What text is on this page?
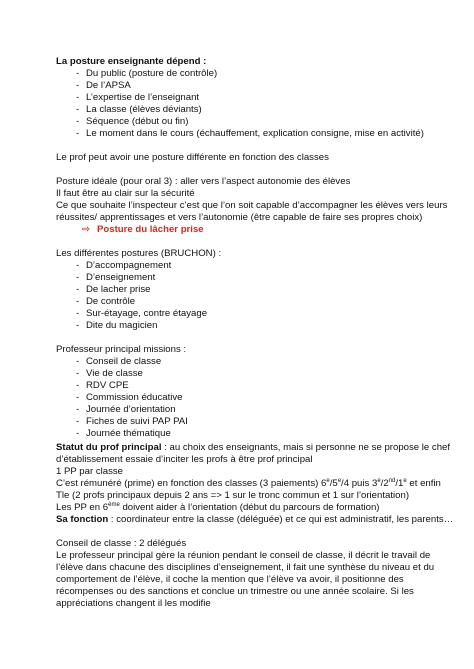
La posture enseignante dépend :
- Du public (posture de contrôle)
- De l’APSA
- L’expertise de l’enseignant
- La classe (élèves déviants)
- Séquence (début ou fin)
- Le moment dans le cours (échauffement, explication consigne, mise en activité)
Le prof peut avoir une posture différente en fonction des classes
Posture idéale (pour oral 3) : aller vers l’aspect autonomie des élèves
Il faut être au clair sur la sécurité
Ce que souhaite l’inspecteur c’est que l’on soit capable d’accompagner les élèves vers leurs
réussites/ apprentissages et vers l’autonomie (être capable de faire ses propres choix)
⇨ Posture du lâcher prise
Les différentes postures (BRUCHON) :
- D’accompagnement
- D’enseignement
- De lacher prise
- De contrôle
- Sur-étayage, contre étayage
- Dite du magicien
Professeur principal missions :
- Conseil de classe
- Vie de classe
- RDV CPE
- Commission éducative
- Journée d’orientation
- Fiches de suivi PAP PAI
- Journée thématique
Statut du prof principal : au choix des enseignants, mais si personne ne se propose le chef
d’établissement essaie d’inciter les profs à être prof principal
1 PP par classe
C’est rémunéré (prime) en fonction des classes (3 paiements) 6e/5e/4 puis 3e/2nd/1e et enfin
Tle (2 profs principaux depuis 2 ans => 1 sur le tronc commun et 1 sur l’orientation)
Les PP en 6ème doivent aider à l’orientation (début du parcours de formation)
Sa fonction : coordinateur entre la classe (déléguée) et ce qui est administratif, les parents…
Conseil de classe : 2 délégués
Le professeur principal gère la réunion pendant le conseil de classe, il décrit le travail de
l’élève dans chacune des disciplines d’enseignement, il fait une synthèse du niveau et du
comportement de l’élève, il coche la mention que l’élève va avoir, il positionne des
récompenses ou des sanctions et conclue un trimestre ou une année scolaire. Si les
appréciations changent il les modifie
